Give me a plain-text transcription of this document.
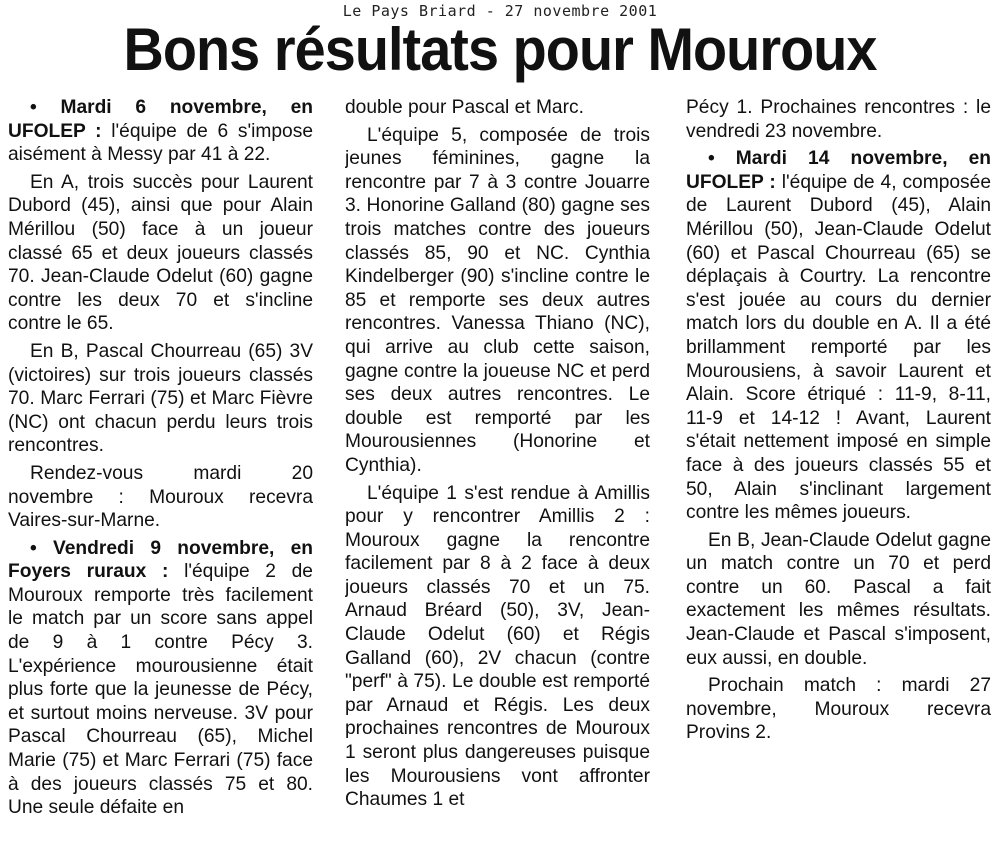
Le Pays Briard - 27 novembre 2001
Bons résultats pour Mouroux

• Mardi 6 novembre, en UFOLEP : l'équipe de 6 s'impose aisément à Messy par 41 à 22.

En A, trois succès pour Laurent Dubord (45), ainsi que pour Alain Mérillou (50) face à un joueur classé 65 et deux joueurs classés 70. Jean-Claude Odelut (60) gagne contre les deux 70 et s'incline contre le 65.

En B, Pascal Chourreau (65) 3V (victoires) sur trois joueurs classés 70. Marc Ferrari (75) et Marc Fièvre (NC) ont chacun perdu leurs trois rencontres.

Rendez-vous mardi 20 novembre : Mouroux recevra Vaires-sur-Marne.

• Vendredi 9 novembre, en Foyers ruraux : l'équipe 2 de Mouroux remporte très facilement le match par un score sans appel de 9 à 1 contre Pécy 3. L'expérience mourousienne était plus forte que la jeunesse de Pécy, et surtout moins nerveuse. 3V pour Pascal Chourreau (65), Michel Marie (75) et Marc Ferrari (75) face à des joueurs classés 75 et 80. Une seule défaite en

double pour Pascal et Marc.

L'équipe 5, composée de trois jeunes féminines, gagne la rencontre par 7 à 3 contre Jouarre 3. Honorine Galland (80) gagne ses trois matches contre des joueurs classés 85, 90 et NC. Cynthia Kindelberger (90) s'incline contre le 85 et remporte ses deux autres rencontres. Vanessa Thiano (NC), qui arrive au club cette saison, gagne contre la joueuse NC et perd ses deux autres rencontres. Le double est remporté par les Mourousiennes (Honorine et Cynthia).

L'équipe 1 s'est rendue à Amillis pour y rencontrer Amillis 2 : Mouroux gagne la rencontre facilement par 8 à 2 face à deux joueurs classés 70 et un 75. Arnaud Bréard (50), 3V, Jean-Claude Odelut (60) et Régis Galland (60), 2V chacun (contre "perf" à 75). Le double est remporté par Arnaud et Régis. Les deux prochaines rencontres de Mouroux 1 seront plus dangereuses puisque les Mourousiens vont affronter Chaumes 1 et

Pécy 1. Prochaines rencontres : le vendredi 23 novembre.

• Mardi 14 novembre, en UFOLEP : l'équipe de 4, composée de Laurent Dubord (45), Alain Mérillou (50), Jean-Claude Odelut (60) et Pascal Chourreau (65) se déplaçais à Courtry. La rencontre s'est jouée au cours du dernier match lors du double en A. Il a été brillamment remporté par les Mourousiens, à savoir Laurent et Alain. Score étriqué : 11-9, 8-11, 11-9 et 14-12 ! Avant, Laurent s'était nettement imposé en simple face à des joueurs classés 55 et 50, Alain s'inclinant largement contre les mêmes joueurs.

En B, Jean-Claude Odelut gagne un match contre un 70 et perd contre un 60. Pascal a fait exactement les mêmes résultats. Jean-Claude et Pascal s'imposent, eux aussi, en double.

Prochain match : mardi 27 novembre, Mouroux recevra Provins 2.
